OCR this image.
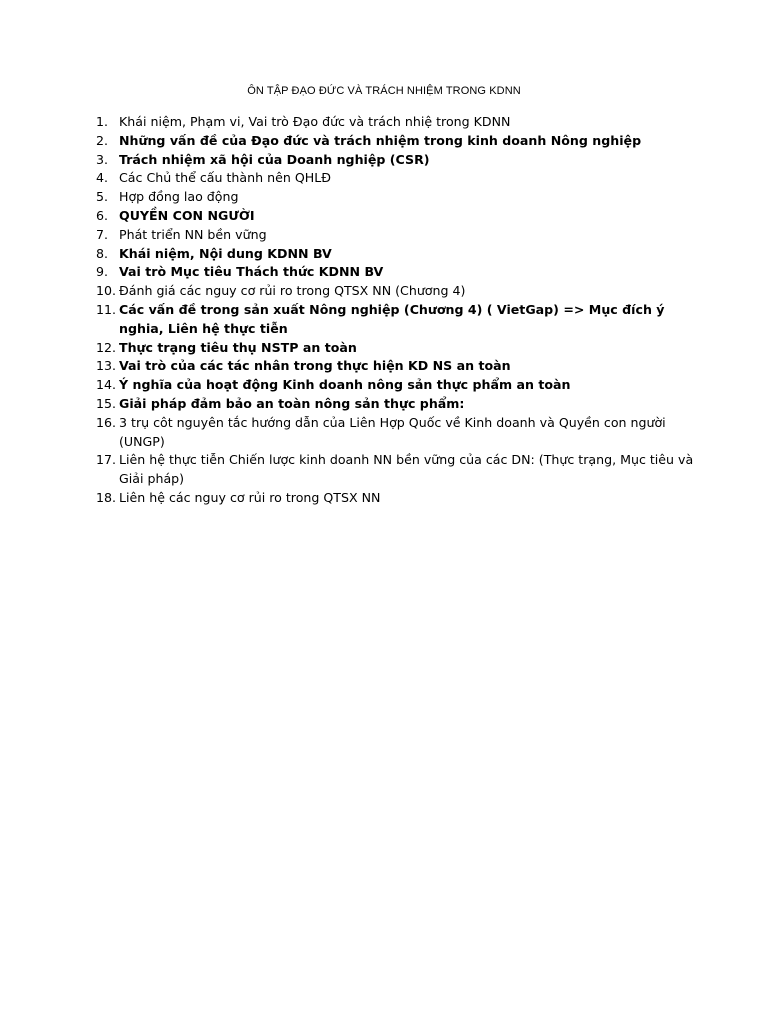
ÔN TẬP ĐẠO ĐỨC VÀ TRÁCH NHIỆM TRONG KDNN
1. Khái niệm, Phạm vi, Vai trò Đạo đức và trách nhiệ trong KDNN
2. Những vấn đề của Đạo đức và trách nhiệm trong kinh doanh Nông nghiệp
3. Trách nhiệm xã hội của Doanh nghiệp (CSR)
4. Các Chủ thể cấu thành nên QHLĐ
5. Hợp đồng lao động
6. QUYỀN CON NGƯỜI
7. Phát triển NN bền vững
8. Khái niệm, Nội dung KDNN BV
9. Vai trò Mục tiêu Thách thức KDNN BV
10. Đánh giá các nguy cơ rủi ro trong QTSX NN (Chương 4)
11. Các vấn đề trong sản xuất Nông nghiệp (Chương 4) ( VietGap) => Mục đích ý nghia, Liên hệ thực tiễn
12. Thực trạng tiêu thụ NSTP an toàn
13. Vai trò của các tác nhân trong thực hiện KD NS an toàn
14. Ý nghĩa của hoạt động Kinh doanh nông sản thực phẩm an toàn
15. Giải pháp đảm bảo an toàn nông sản thực phẩm:
16. 3 trụ côt nguyên tắc hướng dẫn của Liên Hợp Quốc về Kinh doanh và Quyền con người (UNGP)
17. Liên hệ thực tiễn Chiến lược kinh doanh NN bền vững của các DN: (Thực trạng, Mục tiêu và Giải pháp)
18. Liên hệ các nguy cơ rủi ro trong QTSX NN
